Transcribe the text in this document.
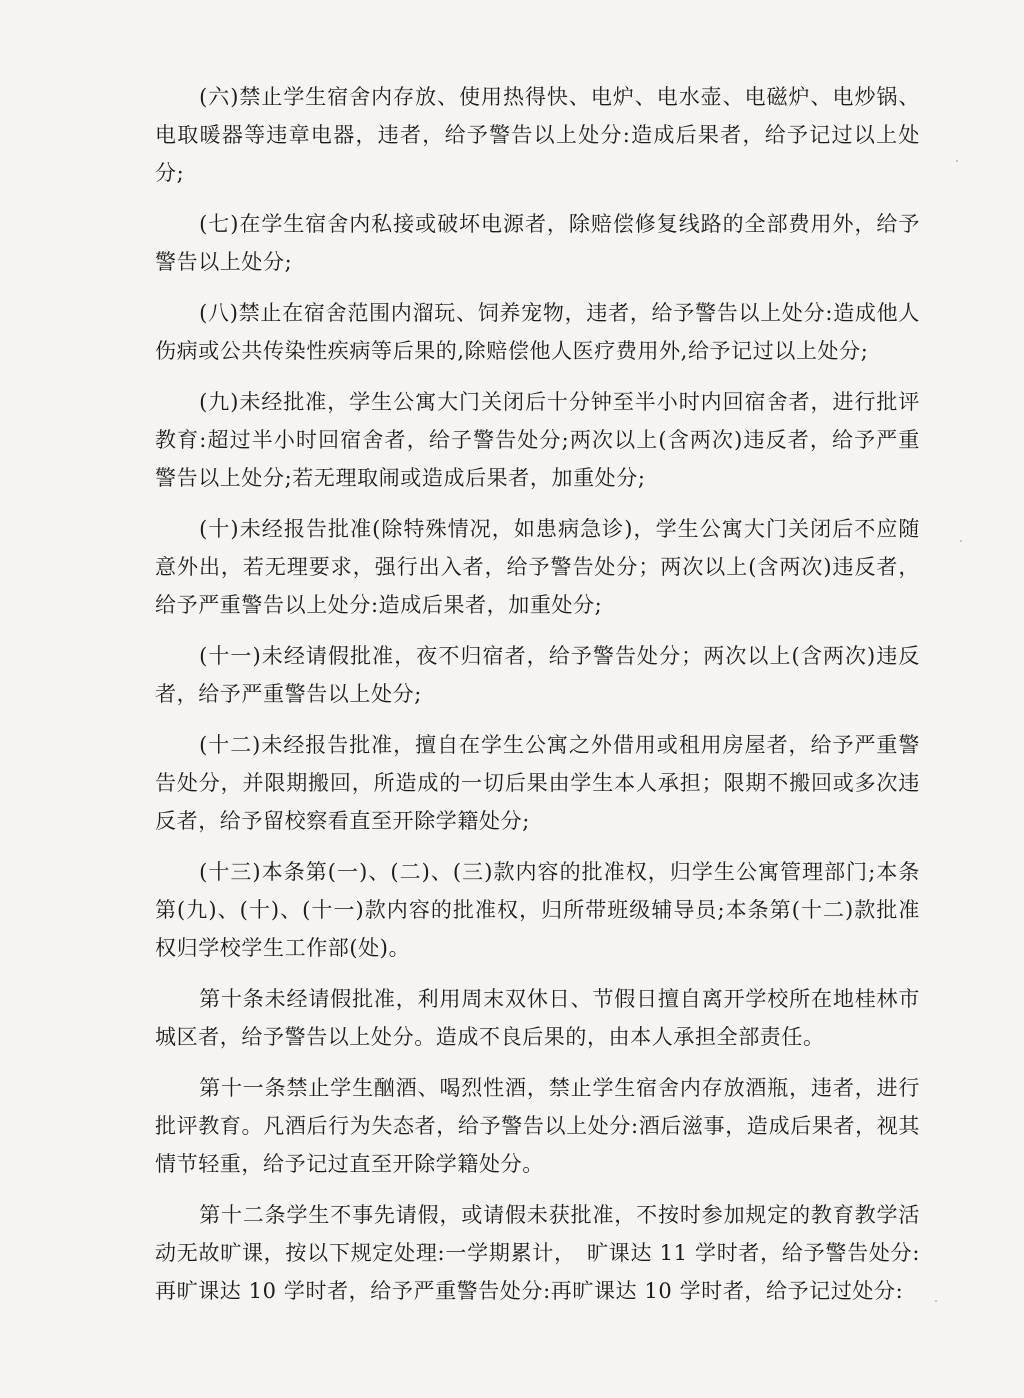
(六)禁止学生宿舍内存放、使用热得快、电炉、电水壶、电磁炉、电炒锅、电取暖器等违章电器，违者，给予警告以上处分:造成后果者，给予记过以上处分;

(七)在学生宿舍内私接或破坏电源者，除赔偿修复线路的全部费用外，给予警告以上处分;

(八)禁止在宿舍范围内溜玩、饲养宠物，违者，给予警告以上处分:造成他人伤病或公共传染性疾病等后果的,除赔偿他人医疗费用外,给予记过以上处分;

(九)未经批准，学生公寓大门关闭后十分钟至半小时内回宿舍者，进行批评教育:超过半小时回宿舍者，给子警告处分;两次以上(含两次)违反者，给予严重警告以上处分;若无理取闹或造成后果者，加重处分;

(十)未经报告批准(除特殊情况，如患病急诊)，学生公寓大门关闭后不应随意外出，若无理要求，强行出入者，给予警告处分；两次以上(含两次)违反者，给予严重警告以上处分:造成后果者，加重处分;

(十一)未经请假批准，夜不归宿者，给予警告处分；两次以上(含两次)违反者，给予严重警告以上处分;

(十二)未经报告批准，擅自在学生公寓之外借用或租用房屋者，给予严重警告处分，并限期搬回，所造成的一切后果由学生本人承担；限期不搬回或多次违反者，给予留校察看直至开除学籍处分;

(十三)本条第(一)、(二)、(三)款内容的批准权，归学生公寓管理部门;本条第(九)、(十)、(十一)款内容的批准权，归所带班级辅导员;本条第(十二)款批准权归学校学生工作部(处)。

第十条未经请假批准，利用周末双休日、节假日擅自离开学校所在地桂林市城区者，给予警告以上处分。造成不良后果的，由本人承担全部责任。

第十一条禁止学生酗酒、喝烈性酒，禁止学生宿舍内存放酒瓶，违者，进行批评教育。凡酒后行为失态者，给予警告以上处分:酒后滋事，造成后果者，视其情节轻重，给予记过直至开除学籍处分。

第十二条学生不事先请假，或请假未获批准，不按时参加规定的教育教学活动无故旷课，按以下规定处理:一学期累计，　旷课达 11 学时者，给予警告处分:再旷课达 10 学时者，给予严重警告处分:再旷课达 10 学时者，给予记过处分:
